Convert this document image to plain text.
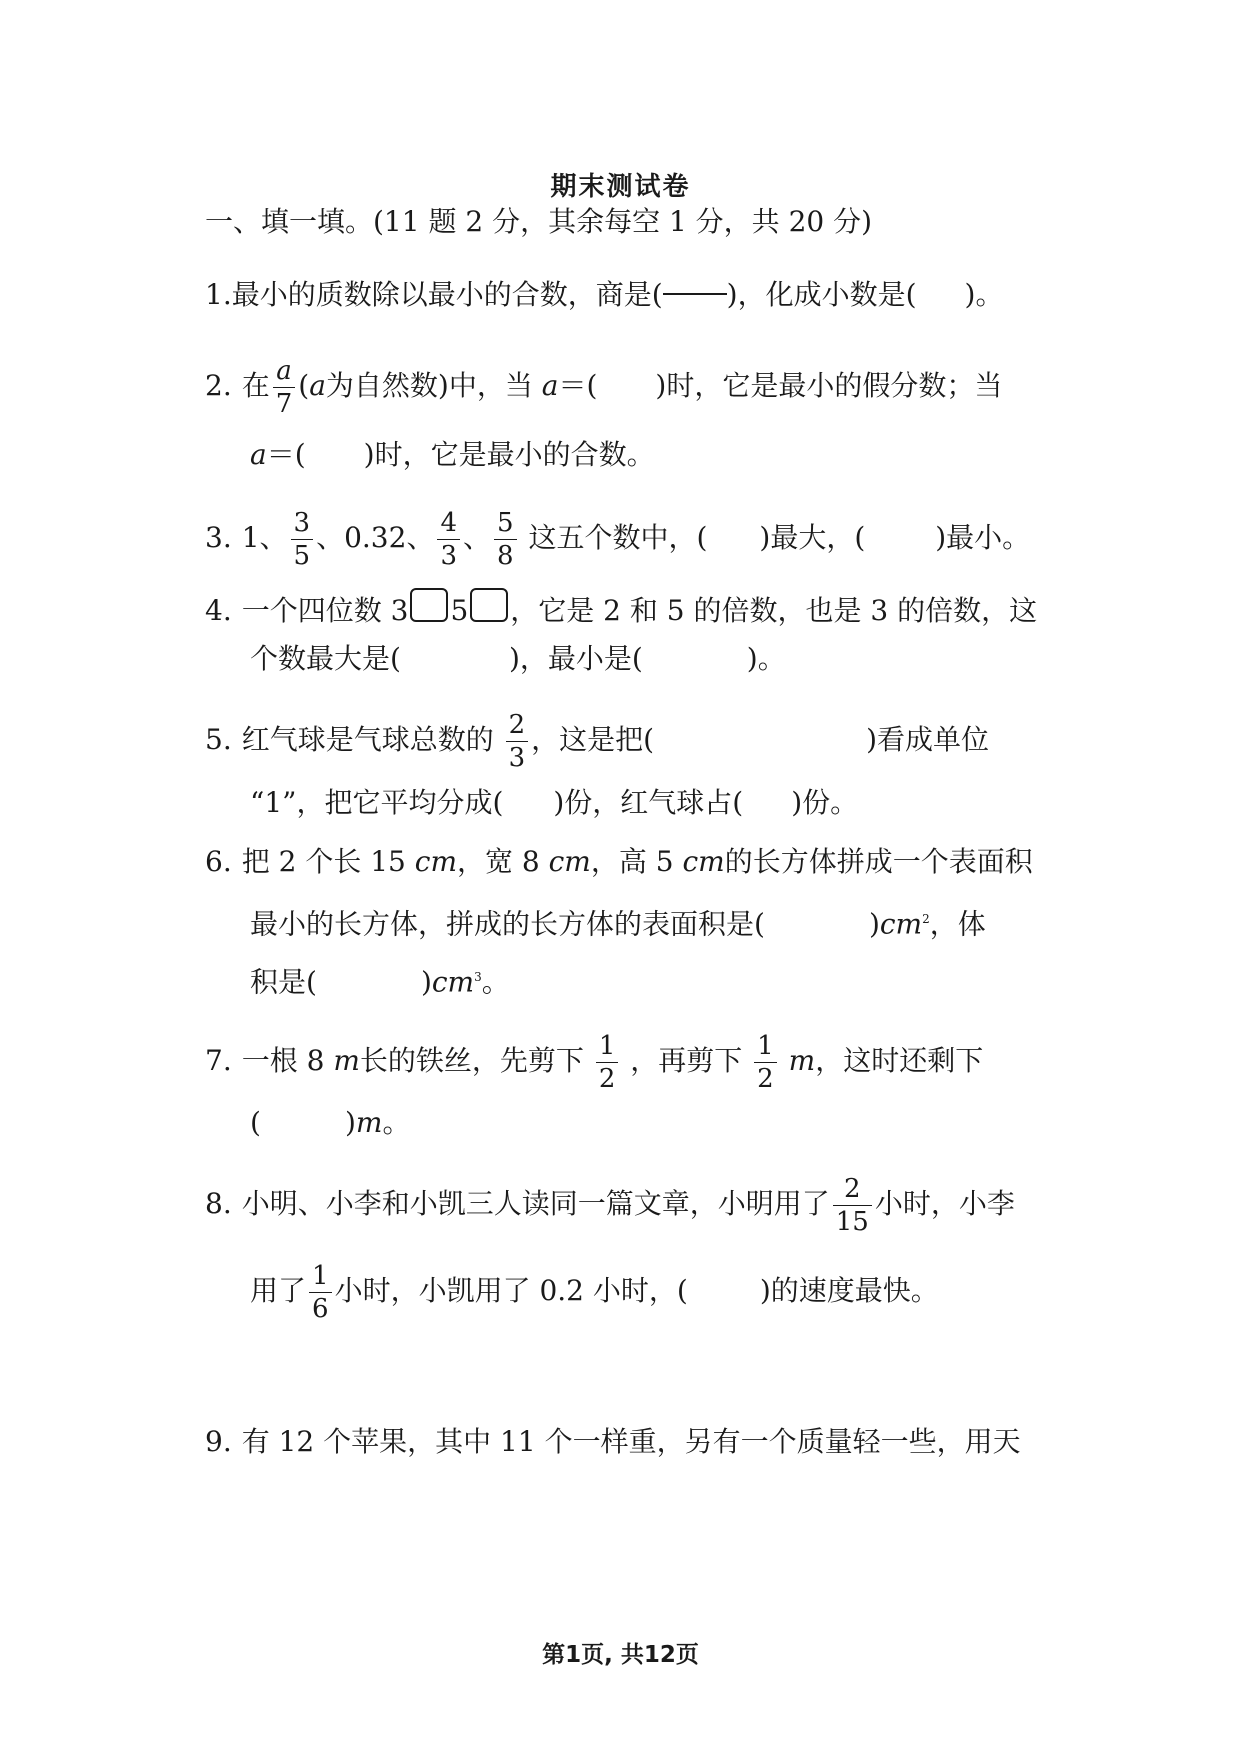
期末测试卷
一、填一填。(11 题 2 分，其余每空 1 分，共 20 分)
1.最小的质数除以最小的合数，商是( )，化成小数是( )。
2. 在 $\frac{a}{7} (a$为自然数)中，当 a＝( )时，它是最小的假分数；当
a＝( )时，它是最小的合数。
3. 1、 $\frac{3}{5}$ 、0.32、 $\frac{4}{3}$ 、 $\frac{5}{8}$ 这五个数中，( )最大，(	)最小。
4. 一个四位数 3 5 ，它是 2 和 5 的倍数，也是 3 的倍数，这
个数最大是(	)，最小是(	)。
5. 红气球是气球总数的 $\frac{2}{3}$ ，这是把(	)看成单位
“1”，把它平均分成( )份，红气球占( )份。
6. 把 2 个长 15 cm，宽 8 cm，高 5 cm的长方体拼成一个表面积
最小的长方体，拼成的长方体的表面积是(	)$cm^2$，体
积是(	)$cm^3$。
7. 一根 8 m长的铁丝，先剪下 $\frac{1}{2}$ ，再剪下 $\frac{1}{2}$ m，这时还剩下
(	)m。
8. 小明、小李和小凯三人读同一篇文章，小明用了 $\frac{2}{15}$ 小时，小李
用了 $\frac{1}{6}$ 小时，小凯用了 0.2 小时，(	)的速度最快。
9. 有 12 个苹果，其中 11 个一样重，另有一个质量轻一些，用天
第1页, 共12页
